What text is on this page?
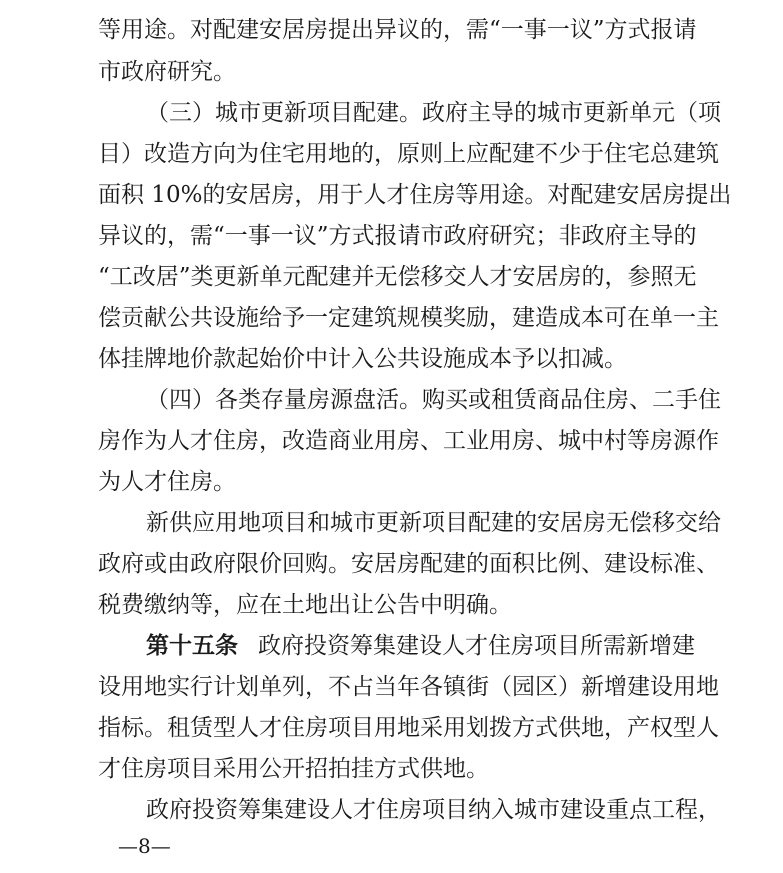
等用途。对配建安居房提出异议的，需“一事一议”方式报请
市政府研究。
（三）城市更新项目配建。政府主导的城市更新单元（项
目）改造方向为住宅用地的，原则上应配建不少于住宅总建筑
面积 10%的安居房，用于人才住房等用途。对配建安居房提出
异议的，需“一事一议”方式报请市政府研究；非政府主导的
“工改居”类更新单元配建并无偿移交人才安居房的，参照无
偿贡献公共设施给予一定建筑规模奖励，建造成本可在单一主
体挂牌地价款起始价中计入公共设施成本予以扣减。
（四）各类存量房源盘活。购买或租赁商品住房、二手住
房作为人才住房，改造商业用房、工业用房、城中村等房源作
为人才住房。
新供应用地项目和城市更新项目配建的安居房无偿移交给
政府或由政府限价回购。安居房配建的面积比例、建设标准、
税费缴纳等，应在土地出让公告中明确。
第十五条 政府投资筹集建设人才住房项目所需新增建
设用地实行计划单列，不占当年各镇街（园区）新增建设用地
指标。租赁型人才住房项目用地采用划拨方式供地，产权型人
才住房项目采用公开招拍挂方式供地。
政府投资筹集建设人才住房项目纳入城市建设重点工程，
—8—
